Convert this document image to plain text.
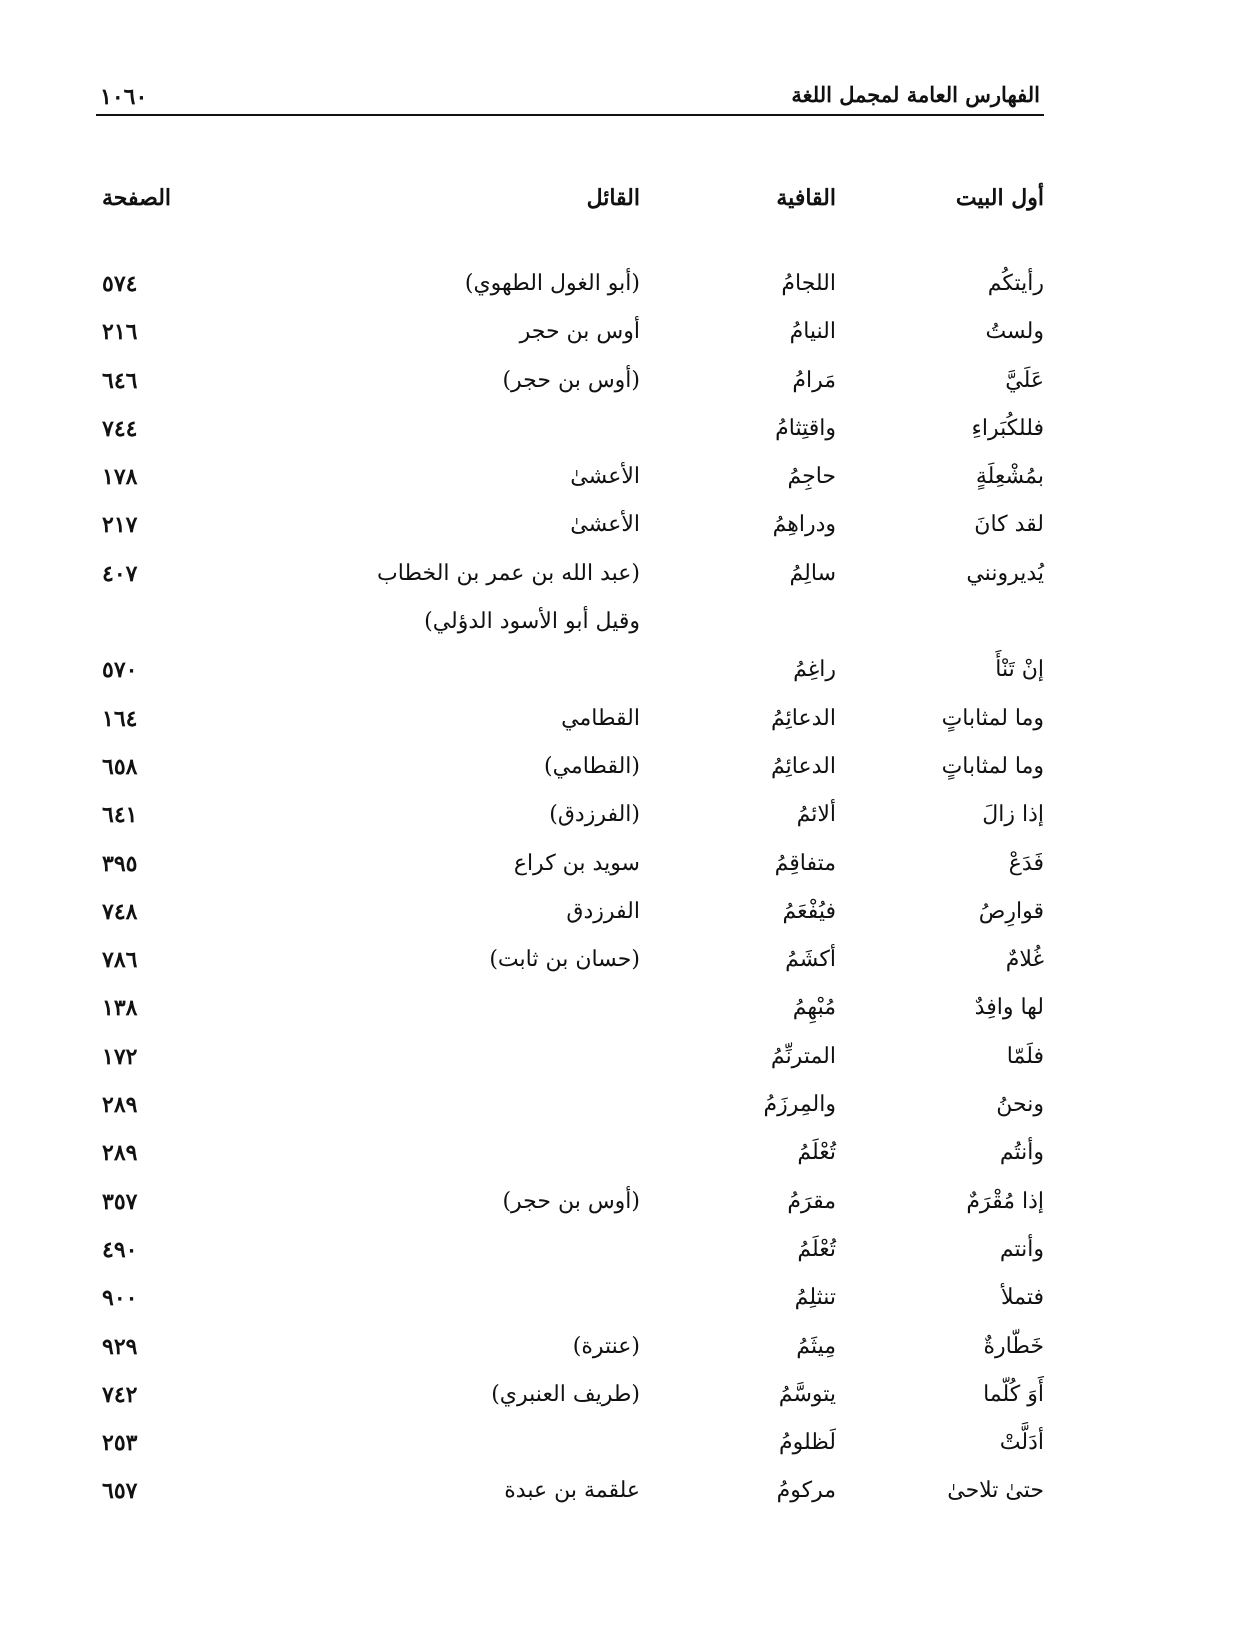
١٠٦٠	الفهارس العامة لمجمل اللغة
أول البيت
القافية
القائل
الصفحة
رأيتكُم
اللجامُ
(أبو الغول الطهوي)
٥٧٤
ولستُ
النيامُ
أوس بن حجر
٢١٦
عَلَيَّ
مَرامُ
(أوس بن حجر)
٦٤٦
فللكُبَراءِ
واقتِثامُ
٧٤٤
بمُشْعِلَةٍ
حاجِمُ
الأعشىٰ
١٧٨
لقد كانَ
ودراهِمُ
الأعشىٰ
٢١٧
يُديرونني
سالِمُ
(عبد الله بن عمر بن الخطاب
٤٠٧
وقيل أبو الأسود الدؤلي)
إنْ تَنْأَ
راغِمُ
٥٧٠
وما لمثاباتٍ
الدعائِمُ
القطامي
١٦٤
وما لمثاباتٍ
الدعائِمُ
(القطامي)
٦٥٨
إذا زالَ
ألائمُ
(الفرزدق)
٦٤١
فَدَعْ
متفاقِمُ
سويد بن كراع
٣٩٥
قوارِصُ
فيُفْعَمُ
الفرزدق
٧٤٨
غُلامٌ
أكشَمُ
(حسان بن ثابت)
٧٨٦
لها وافِدٌ
مُبْهِمُ
١٣٨
فلَمّا
المترنِّمُ
١٧٢
ونحنُ
والمِرزَمُ
٢٨٩
وأنتُم
تُعْلَمُ
٢٨٩
إذا مُقْرَمٌ
مقرَمُ
(أوس بن حجر)
٣٥٧
وأنتم
تُعْلَمُ
٤٩٠
فتملأ
تنثلِمُ
٩٠٠
خَطّارةٌ
مِيثَمُ
(عنترة)
٩٢٩
أَوَ كُلّما
يتوسَّمُ
(طريف العنبري)
٧٤٢
أدَلَّتْ
لَظلومُ
٢٥٣
حتىٰ تلاحىٰ
مركومُ
علقمة بن عبدة
٦٥٧
